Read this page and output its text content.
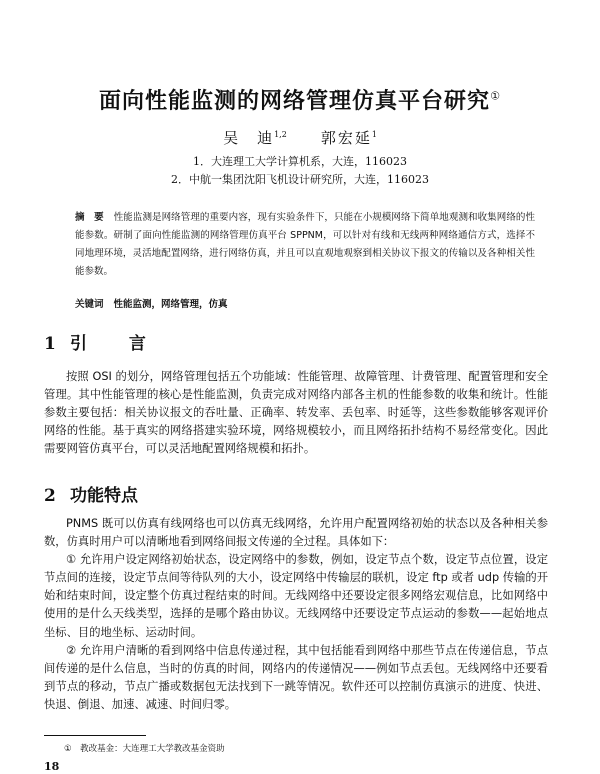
面向性能监测的网络管理仿真平台研究①
吴　迪$^{1,2}$ 郭宏延$^1$
1．大连理工大学计算机系，大连，116023
2．中航一集团沈阳飞机设计研究所，大连，116023
摘　要 性能监测是网络管理的重要内容，现有实验条件下，只能在小规模网络下简单地观测和收集网络的性能参数。研制了面向性能监测的网络管理仿真平台 SPPNM，可以针对有线和无线两种网络通信方式，选择不同地理环境，灵活地配置网络，进行网络仿真，并且可以直观地观察到相关协议下报文的传输以及各种相关性能参数。
关键词 性能监测，网络管理，仿真
1 引 言

按照 OSI 的划分，网络管理包括五个功能域：性能管理、故障管理、计费管理、配置管理和安全管理。其中性能管理的核心是性能监测，负责完成对网络内部各主机的性能参数的收集和统计。性能参数主要包括：相关协议报文的吞吐量、正确率、转发率、丢包率、时延等，这些参数能够客观评价网络的性能。基于真实的网络搭建实验环境，网络规模较小，而且网络拓扑结构不易经常变化。因此需要网管仿真平台，可以灵活地配置网络规模和拓扑。

2 功能特点

PNMS 既可以仿真有线网络也可以仿真无线网络，允许用户配置网络初始的状态以及各种相关参数，仿真时用户可以清晰地看到网络间报文传递的全过程。具体如下：

① 允许用户设定网络初始状态，设定网络中的参数，例如，设定节点个数，设定节点位置，设定节点间的连接，设定节点间等待队列的大小，设定网络中传输层的联机，设定 ftp 或者 udp 传输的开始和结束时间，设定整个仿真过程结束的时间。无线网络中还要设定很多网络宏观信息，比如网络中使用的是什么天线类型，选择的是哪个路由协议。无线网络中还要设定节点运动的参数——起始地点坐标、目的地坐标、运动时间。

② 允许用户清晰的看到网络中信息传递过程，其中包括能看到网络中那些节点在传递信息，节点间传递的是什么信息，当时的仿真的时间，网络内的传递情况——例如节点丢包。无线网络中还要看到节点的移动，节点广播或数据包无法找到下一跳等情况。软件还可以控制仿真演示的进度、快进、快退、倒退、加速、减速、时间归零。

①　教改基金：大连理工大学教改基金资助
18
